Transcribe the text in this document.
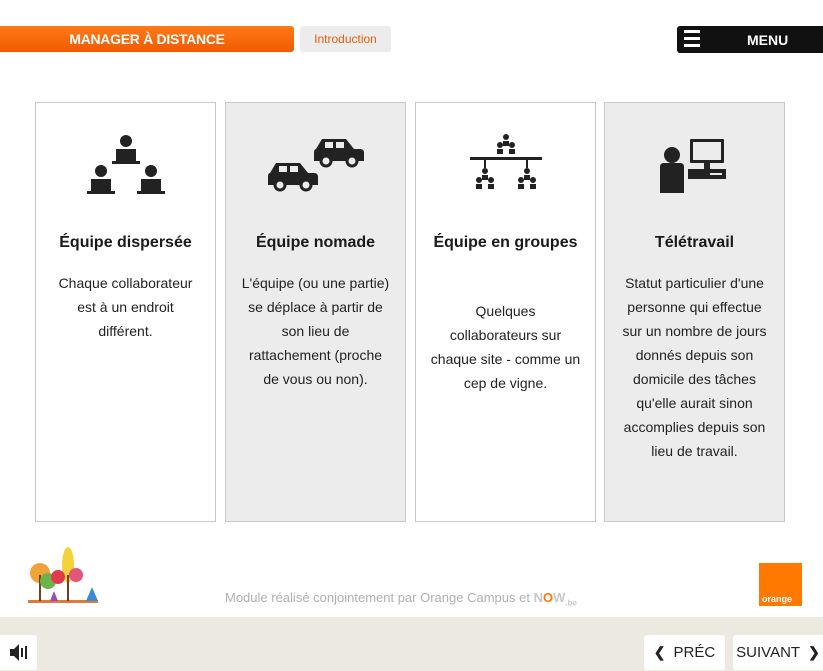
MANAGER À DISTANCE	Introduction	MENU
Équipe dispersée

Chaque collaborateur est à un endroit différent.

Équipe nomade

L'équipe (ou une partie) se déplace à partir de son lieu de rattachement (proche de vous ou non).

Équipe en groupes

Quelques collaborateurs sur chaque site - comme un cep de vigne.

Télétravail

Statut particulier d'une personne qui effectue sur un nombre de jours donnés depuis son domicile des tâches qu'elle aurait sinon accomplies depuis son lieu de travail.

Module réalisé conjointement par Orange Campus et $NOW_{.be}$	orange
❮ PRÉC SUIVANT ❯
